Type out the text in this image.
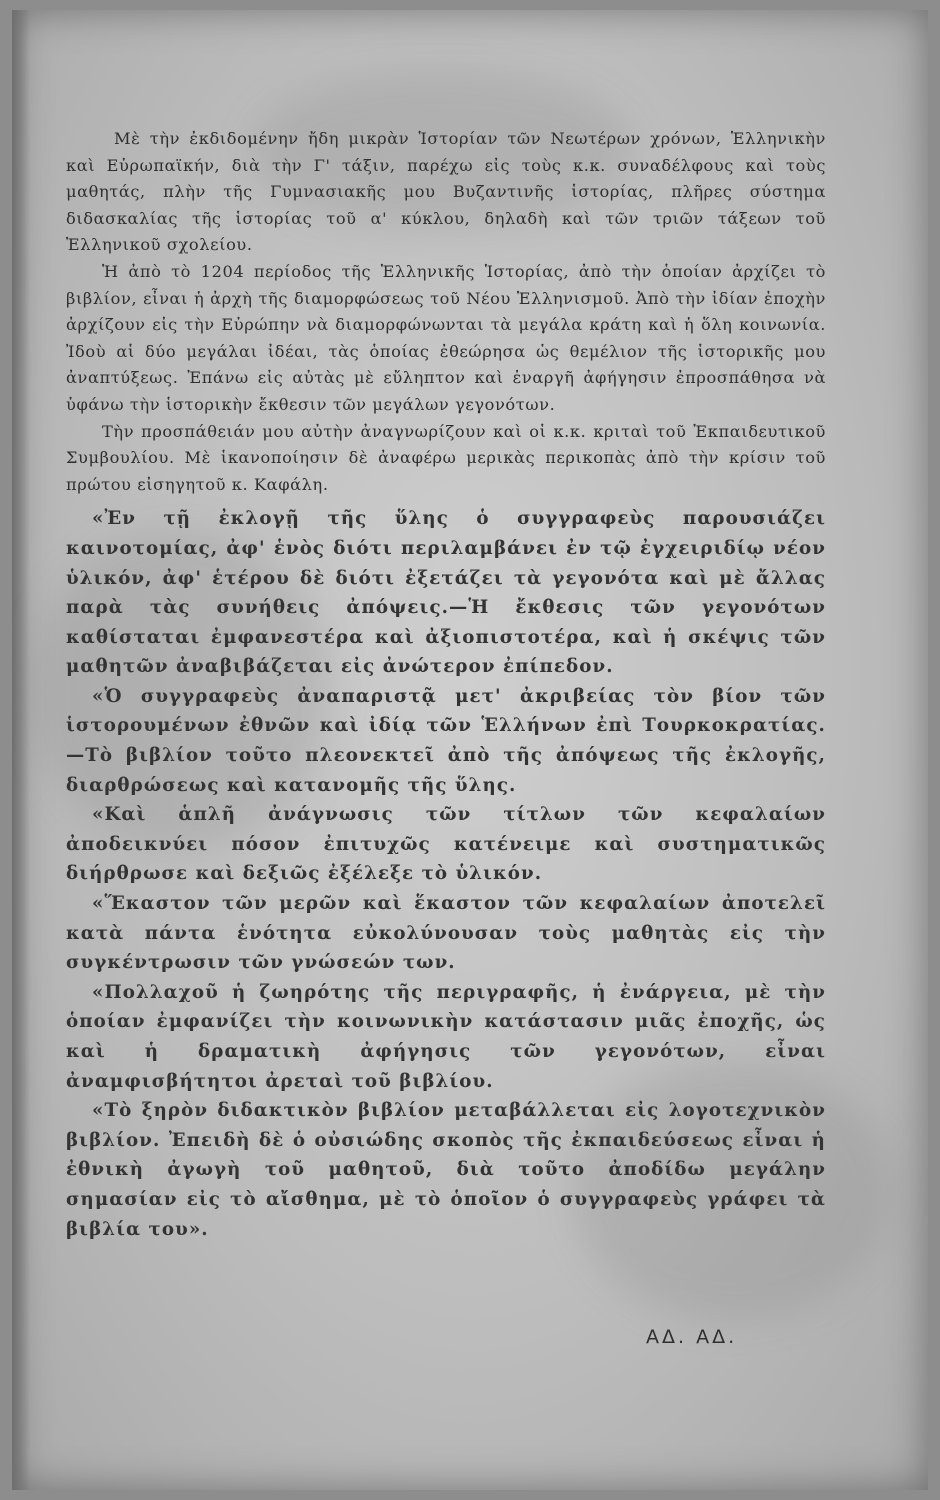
Μὲ τὴν ἐκδιδομένην ἤδη μικρὰν Ἱστορίαν τῶν Νεωτέρων χρόνων, Ἑλληνικὴν καὶ Εὐρωπαϊκήν, διὰ τὴν Γ' τάξιν, παρέχω εἰς τοὺς κ.κ. συναδέλφους καὶ τοὺς μαθητάς, πλὴν τῆς Γυμνασιακῆς μου Βυζαντινῆς ἱστορίας, πλῆρες σύστημα διδασκαλίας τῆς ἱστορίας τοῦ α' κύκλου, δηλαδὴ καὶ τῶν τριῶν τάξεων τοῦ Ἑλληνικοῦ σχολείου.

Ἡ ἀπὸ τὸ 1204 περίοδος τῆς Ἑλληνικῆς Ἱστορίας, ἀπὸ τὴν ὁποίαν ἀρχίζει τὸ βιβλίον, εἶναι ἡ ἀρχὴ τῆς διαμορφώσεως τοῦ Νέου Ἑλληνισμοῦ. Ἀπὸ τὴν ἰδίαν ἐποχὴν ἀρχίζουν εἰς τὴν Εὐρώπην νὰ διαμορφώνωνται τὰ μεγάλα κράτη καὶ ἡ ὅλη κοινωνία. Ἰδοὺ αἱ δύο μεγάλαι ἰδέαι, τὰς ὁποίας ἐθεώρησα ὡς θεμέλιον τῆς ἱστορικῆς μου ἀναπτύξεως. Ἐπάνω εἰς αὐτὰς μὲ εὔληπτον καὶ ἐναργῆ ἀφήγησιν ἐπροσπάθησα νὰ ὑφάνω τὴν ἱστορικὴν ἔκθεσιν τῶν μεγάλων γεγονότων.

Τὴν προσπάθειάν μου αὐτὴν ἀναγνωρίζουν καὶ οἱ κ.κ. κριταὶ τοῦ Ἐκπαιδευτικοῦ Συμβουλίου. Μὲ ἱκανοποίησιν δὲ ἀναφέρω μερικὰς περικοπὰς ἀπὸ τὴν κρίσιν τοῦ πρώτου εἰσηγητοῦ κ. Καφάλη.

«Ἐν τῇ ἐκλογῇ τῆς ὕλης ὁ συγγραφεὺς παρουσιάζει καινοτομίας, ἀφ' ἑνὸς διότι περιλαμβάνει ἐν τῷ ἐγχειριδίῳ νέον ὑλικόν, ἀφ' ἑτέρου δὲ διότι ἐξετάζει τὰ γεγονότα καὶ μὲ ἄλλας παρὰ τὰς συνήθεις ἀπόψεις.—Ἡ ἔκθεσις τῶν γεγονότων καθίσταται ἐμφανεστέρα καὶ ἀξιοπιστοτέρα, καὶ ἡ σκέψις τῶν μαθητῶν ἀναβιβάζεται εἰς ἀνώτερον ἐπίπεδον.

«Ὁ συγγραφεὺς ἀναπαριστᾷ μετ' ἀκριβείας τὸν βίον τῶν ἱστορουμένων ἐθνῶν καὶ ἰδίᾳ τῶν Ἑλλήνων ἐπὶ Τουρκοκρατίας.—Τὸ βιβλίον τοῦτο πλεονεκτεῖ ἀπὸ τῆς ἀπόψεως τῆς ἐκλογῆς, διαρθρώσεως καὶ κατανομῆς τῆς ὕλης.

«Καὶ ἁπλῆ ἀνάγνωσις τῶν τίτλων τῶν κεφαλαίων ἀποδεικνύει πόσον ἐπιτυχῶς κατένειμε καὶ συστηματικῶς διήρθρωσε καὶ δεξιῶς ἐξέλεξε τὸ ὑλικόν.

«Ἕκαστον τῶν μερῶν καὶ ἕκαστον τῶν κεφαλαίων ἀποτελεῖ κατὰ πάντα ἑνότητα εὐκολύνουσαν τοὺς μαθητὰς εἰς τὴν συγκέντρωσιν τῶν γνώσεών των.

«Πολλαχοῦ ἡ ζωηρότης τῆς περιγραφῆς, ἡ ἐνάργεια, μὲ τὴν ὁποίαν ἐμφανίζει τὴν κοινωνικὴν κατάστασιν μιᾶς ἐποχῆς, ὡς καὶ ἡ δραματικὴ ἀφήγησις τῶν γεγονότων, εἶναι ἀναμφισβήτητοι ἀρεταὶ τοῦ βιβλίου.

«Τὸ ξηρὸν διδακτικὸν βιβλίον μεταβάλλεται εἰς λογοτεχνικὸν βιβλίον. Ἐπειδὴ δὲ ὁ οὐσιώδης σκοπὸς τῆς ἐκπαιδεύσεως εἶναι ἡ ἐθνικὴ ἀγωγὴ τοῦ μαθητοῦ, διὰ τοῦτο ἀποδίδω μεγάλην σημασίαν εἰς τὸ αἴσθημα, μὲ τὸ ὁποῖον ὁ συγγραφεὺς γράφει τὰ βιβλία του».

ΑΔ. ΑΔ.
